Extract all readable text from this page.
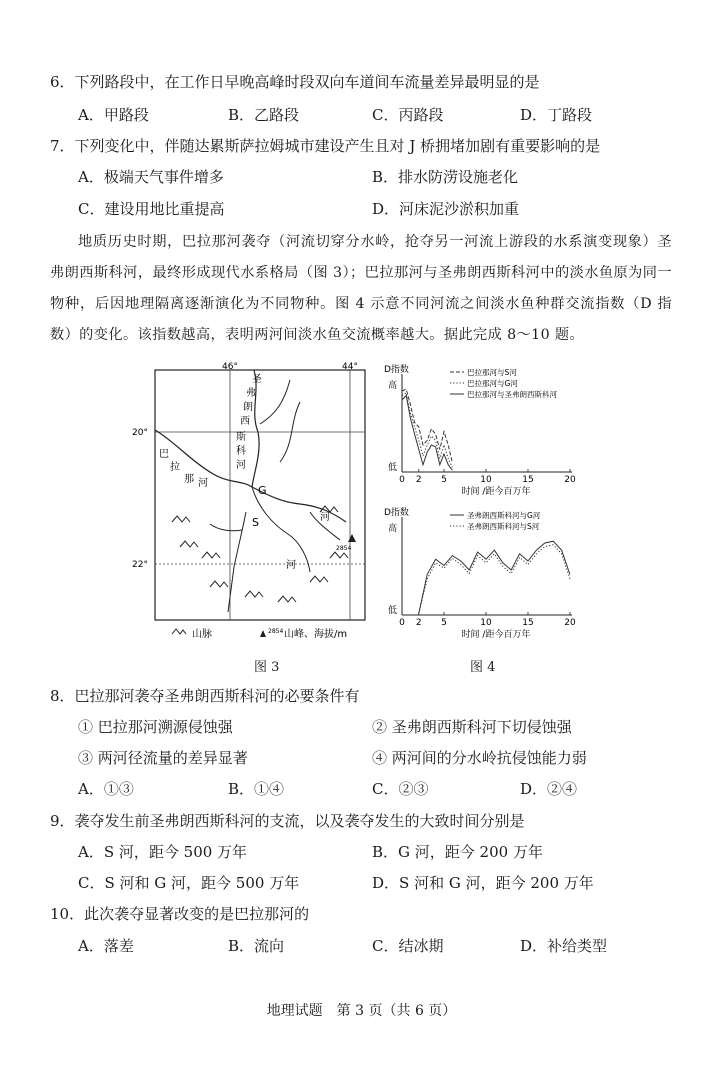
6．下列路段中，在工作日早晚高峰时段双向车道间车流量差异最明显的是
A．甲路段	B．乙路段	C．丙路段	D．丁路段
7．下列变化中，伴随达累斯萨拉姆城市建设产生且对 J 桥拥堵加剧有重要影响的是
A．极端天气事件增多	B．排水防涝设施老化
C．建设用地比重提高	D．河床泥沙淤积加重
地质历史时期，巴拉那河袭夺（河流切穿分水岭，抢夺另一河流上游段的水系演变现象）圣弗朗西斯科河，最终形成现代水系格局（图 3）；巴拉那河与圣弗朗西斯科河中的淡水鱼原为同一物种，后因地理隔离逐渐演化为不同物种。图 4 示意不同河流之间淡水鱼种群交流指数（D 指数）的变化。该指数越高，表明两河间淡水鱼交流概率越大。据此完成 8～10 题。
46°	44°
20°
22°
圣
弗
朗
西
斯
科
河
巴
拉
那 河
G
S	河
河
2854
山脉	2854 山峰、海拔/m
图 3
D指数
高
低
0 2 5	10	15	20
时间 /距今百万年
巴拉那河与S河
巴拉那河与G河
巴拉那河与圣弗朗西斯科河
D指数
高
低
0 2 5	10	15	20
时间 /距今百万年
圣弗朗西斯科河与G河
圣弗朗西斯科河与S河
图 4
8．巴拉那河袭夺圣弗朗西斯科河的必要条件有
① 巴拉那河溯源侵蚀强	② 圣弗朗西斯科河下切侵蚀强
③ 两河径流量的差异显著	④ 两河间的分水岭抗侵蚀能力弱
A．①③	B．①④	C．②③	D．②④
9．袭夺发生前圣弗朗西斯科河的支流，以及袭夺发生的大致时间分别是
A．S 河，距今 500 万年	B．G 河，距今 200 万年
C．S 河和 G 河，距今 500 万年	D．S 河和 G 河，距今 200 万年
10．此次袭夺显著改变的是巴拉那河的
A．落差	B．流向	C．结冰期	D．补给类型
地理试题　第 3 页（共 6 页）
